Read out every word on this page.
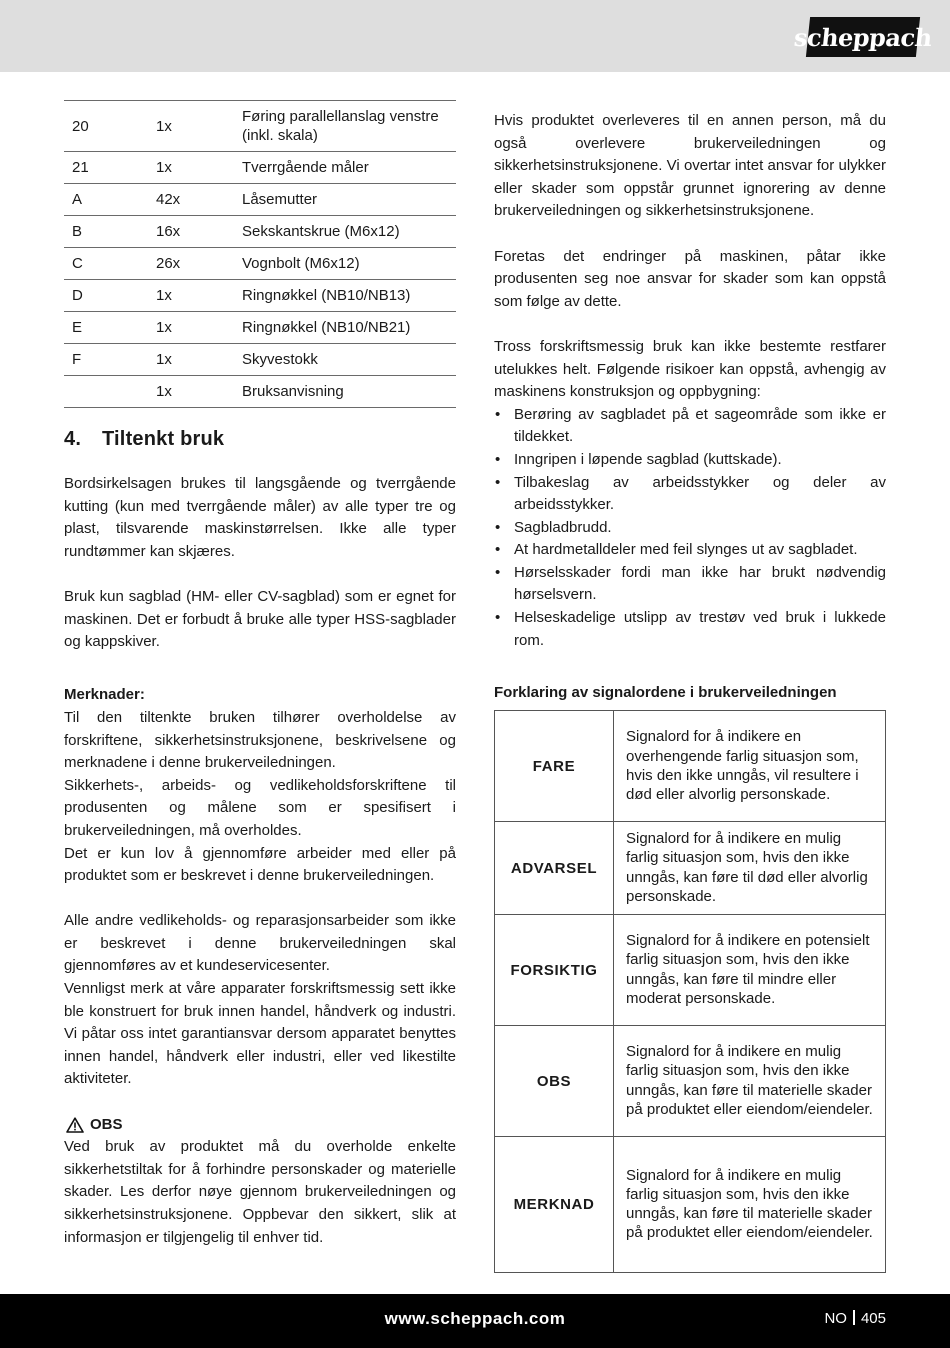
scheppach
20	1x	Føring parallellanslag venstre (inkl. skala)
21	1x	Tverrgående måler
A	42x	Låsemutter
B	16x	Sekskantskrue (M6x12)
C	26x	Vognbolt (M6x12)
D	1x	Ringnøkkel (NB10/NB13)
E	1x	Ringnøkkel (NB10/NB21)
F	1x	Skyvestokk
	1x	Bruksanvisning
4. Tiltenkt bruk

Bordsirkelsagen brukes til langsgående og tverrgående kutting (kun med tverrgående måler) av alle typer tre og plast, tilsvarende maskinstørrelsen. Ikke alle typer rundtømmer kan skjæres.

Bruk kun sagblad (HM- eller CV-sagblad) som er egnet for maskinen. Det er forbudt å bruke alle typer HSS-sagblader og kappskiver.

Merknader:

Til den tiltenkte bruken tilhører overholdelse av forskriftene, sikkerhetsinstruksjonene, beskrivelsene og merknadene i denne brukerveiledningen.

Sikkerhets-, arbeids- og vedlikeholdsforskriftene til produsenten og målene som er spesifisert i brukerveiledningen, må overholdes.

Det er kun lov å gjennomføre arbeider med eller på produktet som er beskrevet i denne brukerveiledningen.

Alle andre vedlikeholds- og reparasjonsarbeider som ikke er beskrevet i denne brukerveiledningen skal gjennomføres av et kundeservicesenter.

Vennligst merk at våre apparater forskriftsmessig sett ikke ble konstruert for bruk innen handel, håndverk og industri. Vi påtar oss intet garantiansvar dersom apparatet benyttes innen handel, håndverk eller industri, eller ved likestilte aktiviteter.

OBS

Ved bruk av produktet må du overholde enkelte sikkerhetstiltak for å forhindre personskader og materielle skader. Les derfor nøye gjennom brukerveiledningen og sikkerhetsinstruksjonene. Oppbevar den sikkert, slik at informasjon er tilgjengelig til enhver tid.

Hvis produktet overleveres til en annen person, må du også overlevere brukerveiledningen og sikkerhetsinstruksjonene. Vi overtar intet ansvar for ulykker eller skader som oppstår grunnet ignorering av denne brukerveiledningen og sikkerhetsinstruksjonene.

Foretas det endringer på maskinen, påtar ikke produsenten seg noe ansvar for skader som kan oppstå som følge av dette.

Tross forskriftsmessig bruk kan ikke bestemte restfarer utelukkes helt. Følgende risikoer kan oppstå, avhengig av maskinens konstruksjon og oppbygning:

• Berøring av sagbladet på et sageområde som ikke er tildekket.
• Inngripen i løpende sagblad (kuttskade).
• Tilbakeslag av arbeidsstykker og deler av arbeidsstykker.
• Sagbladbrudd.
• At hardmetalldeler med feil slynges ut av sagbladet.
• Hørselsskader fordi man ikke har brukt nødvendig hørselsvern.
• Helseskadelige utslipp av trestøv ved bruk i lukkede rom.

Forklaring av signalordene i brukerveiledningen

FARE	Signalord for å indikere en overhengende farlig situasjon som, hvis den ikke unngås, vil resultere i død eller alvorlig personskade.
ADVARSEL	Signalord for å indikere en mulig farlig situasjon som, hvis den ikke unngås, kan føre til død eller alvorlig personskade.
FORSIKTIG	Signalord for å indikere en potensielt farlig situasjon som, hvis den ikke unngås, kan føre til mindre eller moderat personskade.
OBS	Signalord for å indikere en mulig farlig situasjon som, hvis den ikke unngås, kan føre til materielle skader på produktet eller eiendom/eiendeler.
MERKNAD	Signalord for å indikere en mulig farlig situasjon som, hvis den ikke unngås, kan føre til materielle skader på produktet eller eiendom/eiendeler.
www.scheppach.com	NO 405
